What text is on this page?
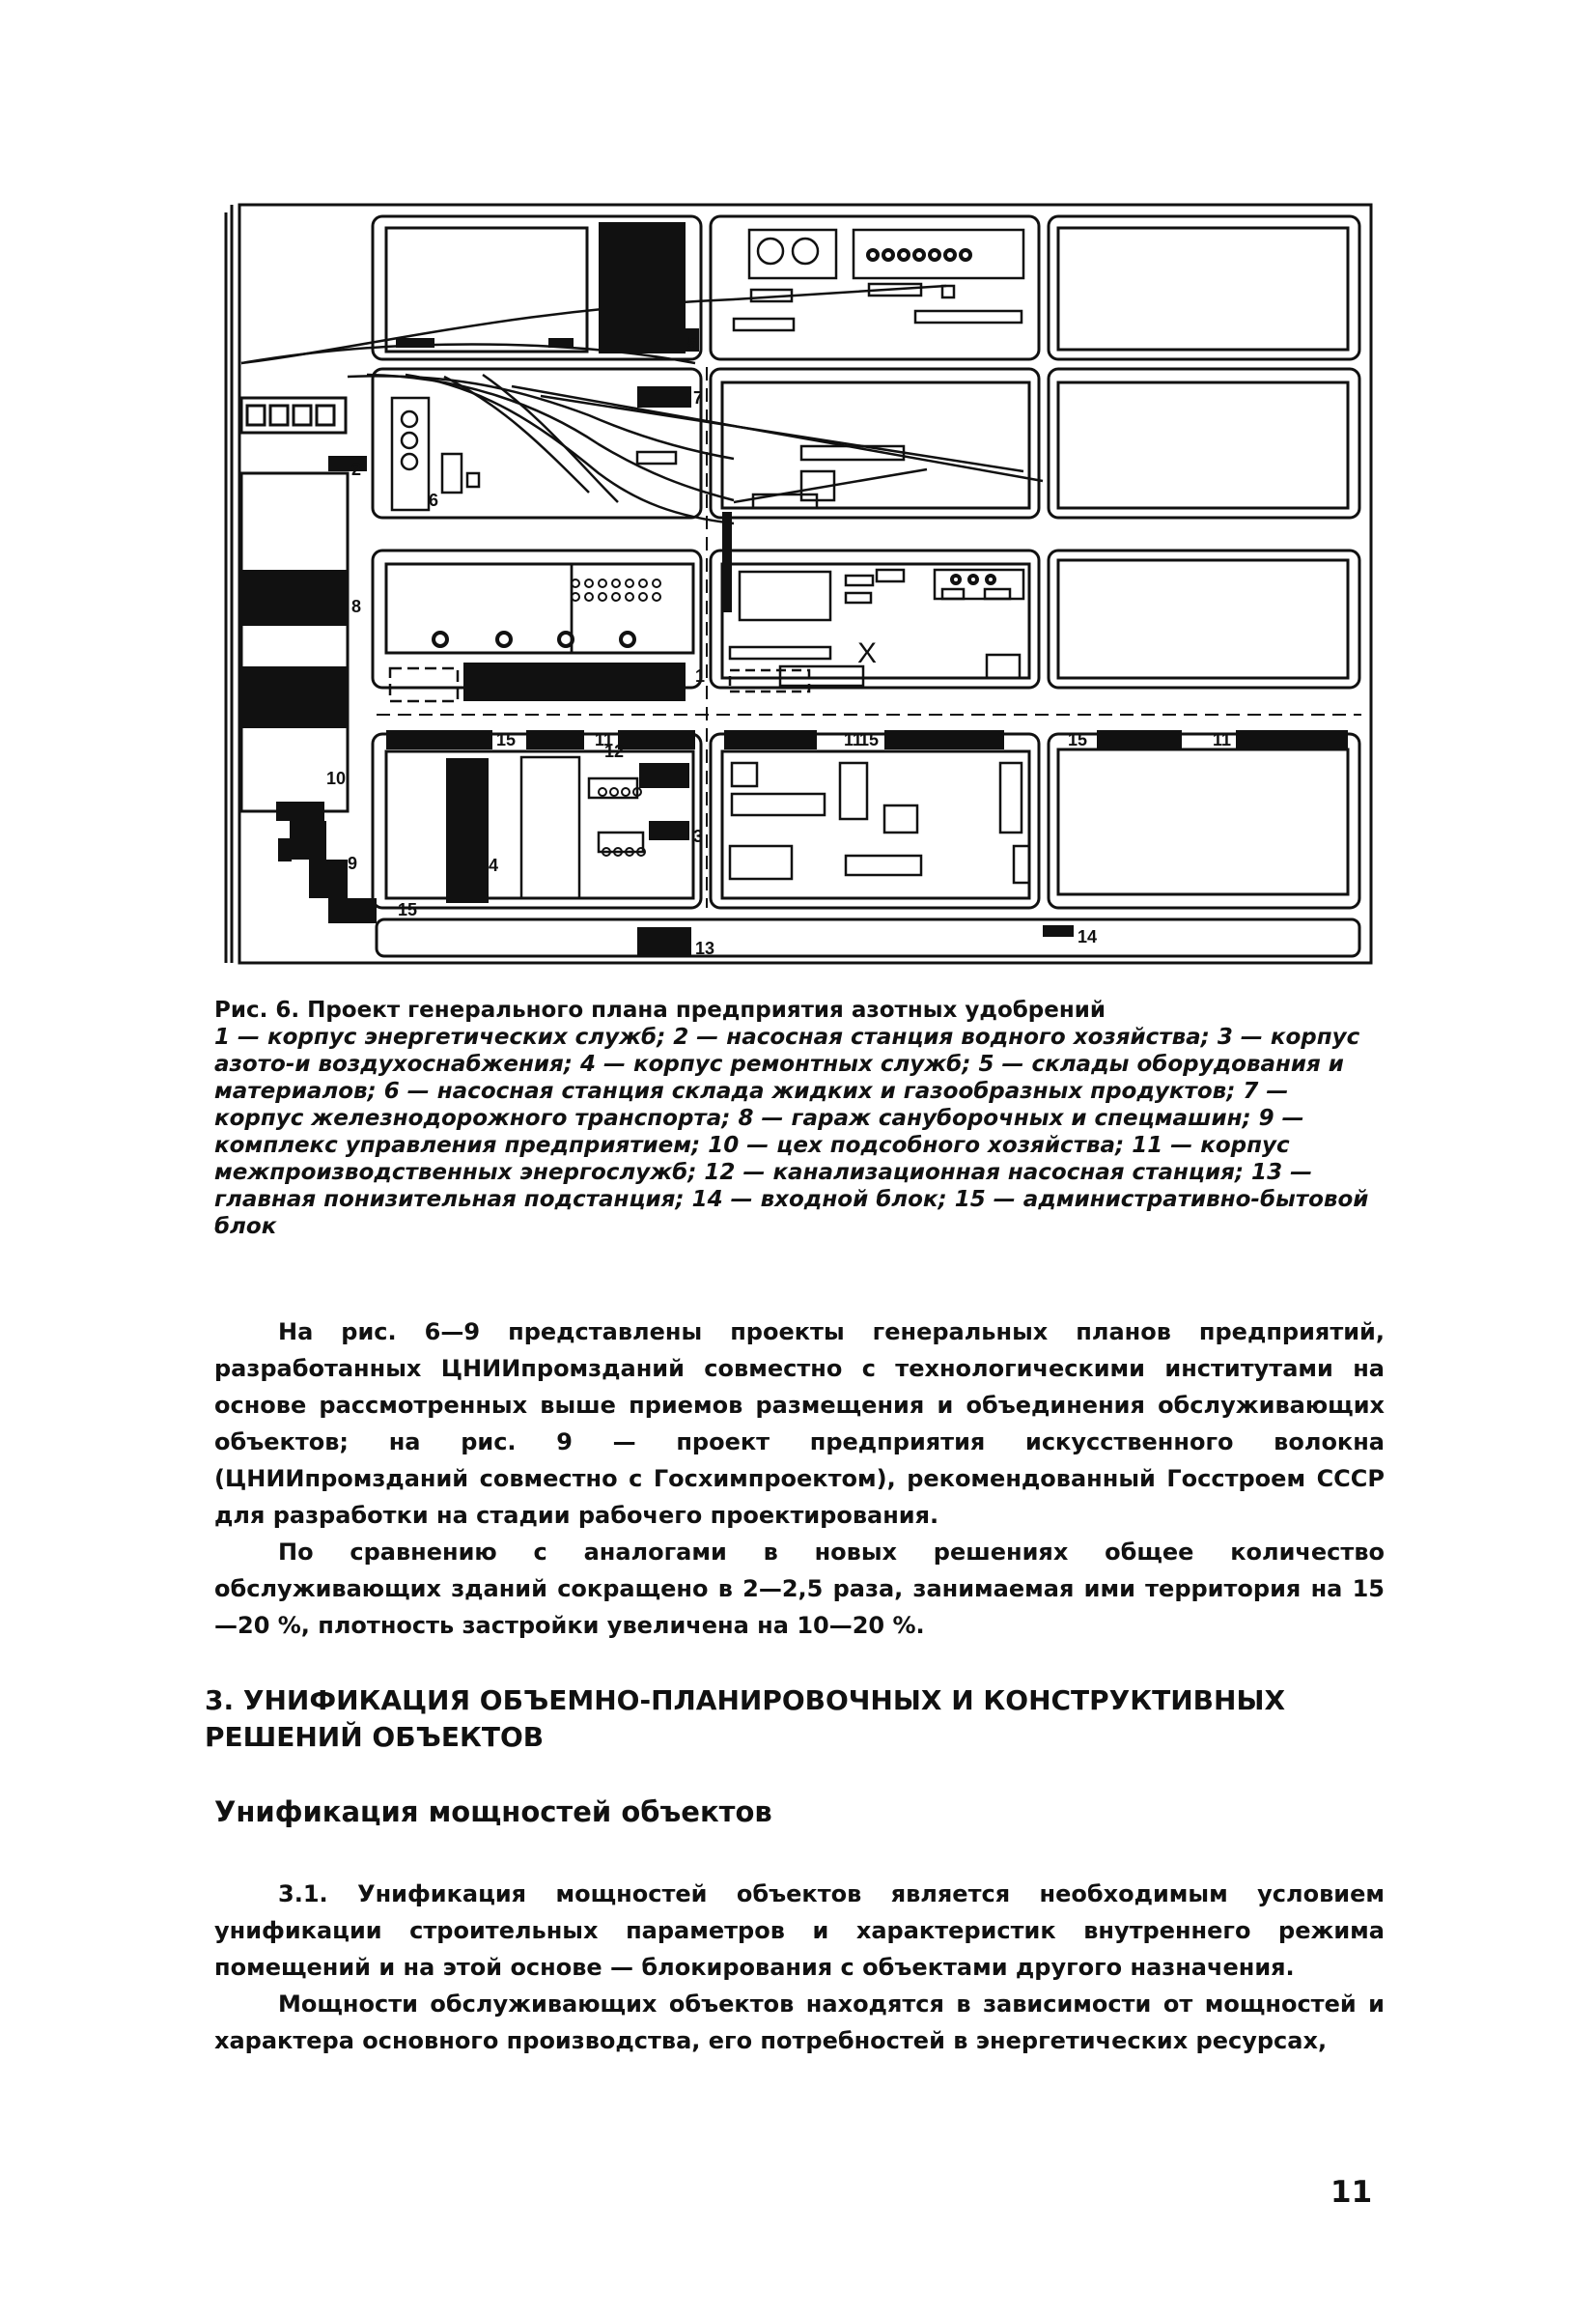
1
2
3
4
5
6
7
8
9
10
11	11	11
12
13
14
15	15	15
15
X
Рис. 6. Проект генерального плана предприятия азотных удобрений
1 — корпус энергетических служб; 2 — насосная станция водного хозяйства; 3 — корпус азото-и воздухоснабжения; 4 — корпус ремонтных служб; 5 — склады оборудования и материалов; 6 — насосная станция склада жидких и газообразных продуктов; 7 — корпус железнодорожного транспорта; 8 — гараж сануборочных и спецмашин; 9 — комплекс управления предприятием; 10 — цех подсобного хозяйства; 11 — корпус межпроизводственных энергослужб; 12 — канализационная насосная станция; 13 — главная понизительная подстанция; 14 — входной блок; 15 — административно-бытовой блок

На рис. 6—9 представлены проекты генеральных планов предприятий, разработанных ЦНИИпромзданий совместно с технологическими институтами на основе рассмотренных выше приемов размещения и объединения обслуживающих объектов; на рис. 9 — проект предприятия искусственного волокна (ЦНИИпромзданий совместно с Госхимпроектом), рекомендованный Госстроем СССР для разработки на стадии рабочего проектирования.

По сравнению с аналогами в новых решениях общее количество обслуживающих зданий сокращено в 2—2,5 раза, занимаемая ими территория на 15—20 %, плотность застройки увеличена на 10—20 %.

3. УНИФИКАЦИЯ ОБЪЕМНО-ПЛАНИРОВОЧНЫХ И КОНСТРУКТИВНЫХ РЕШЕНИЙ ОБЪЕКТОВ
Унификация мощностей объектов

3.1. Унификация мощностей объектов является необходимым условием унификации строительных параметров и характеристик внутреннего режима помещений и на этой основе — блокирования с объектами другого назначения.

Мощности обслуживающих объектов находятся в зависимости от мощностей и характера основного производства, его потребностей в энергетических ресурсах,

11
